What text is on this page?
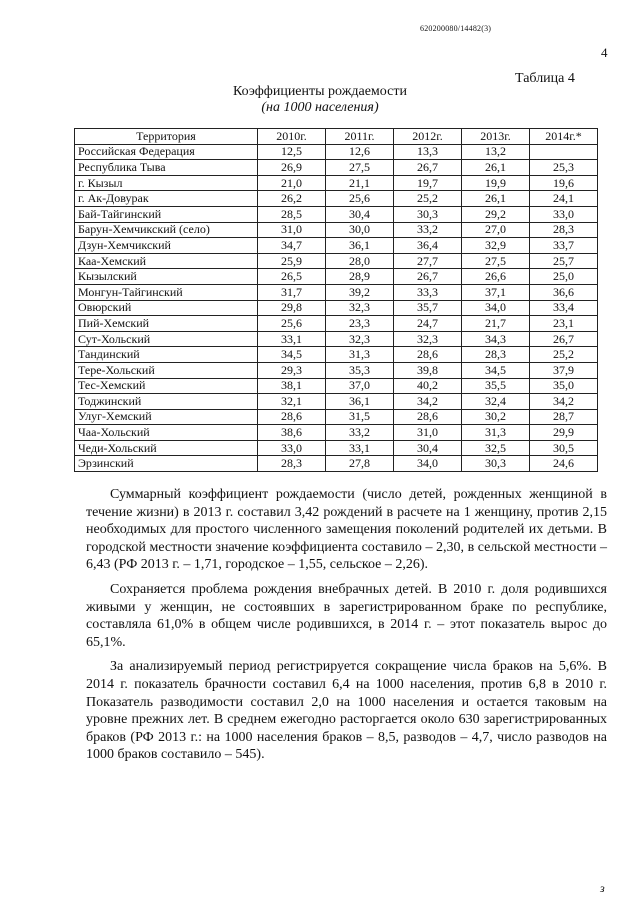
620200080/14482(3)
4
Таблица 4
Коэффициенты рождаемости
(на 1000 населения)
Территория	2010г.	2011г.	2012г.	2013г.	2014г.*
Российская Федерация	12,5	12,6	13,3	13,2	
Республика Тыва	26,9	27,5	26,7	26,1	25,3
г. Кызыл	21,0	21,1	19,7	19,9	19,6
г. Ак-Довурак	26,2	25,6	25,2	26,1	24,1
Бай-Тайгинский	28,5	30,4	30,3	29,2	33,0
Барун-Хемчикский (село)	31,0	30,0	33,2	27,0	28,3
Дзун-Хемчикский	34,7	36,1	36,4	32,9	33,7
Каа-Хемский	25,9	28,0	27,7	27,5	25,7
Кызылский	26,5	28,9	26,7	26,6	25,0
Монгун-Тайгинский	31,7	39,2	33,3	37,1	36,6
Овюрский	29,8	32,3	35,7	34,0	33,4
Пий-Хемский	25,6	23,3	24,7	21,7	23,1
Сут-Хольский	33,1	32,3	32,3	34,3	26,7
Тандинский	34,5	31,3	28,6	28,3	25,2
Тере-Хольский	29,3	35,3	39,8	34,5	37,9
Тес-Хемский	38,1	37,0	40,2	35,5	35,0
Тоджинский	32,1	36,1	34,2	32,4	34,2
Улуг-Хемский	28,6	31,5	28,6	30,2	28,7
Чаа-Хольский	38,6	33,2	31,0	31,3	29,9
Чеди-Хольский	33,0	33,1	30,4	32,5	30,5
Эрзинский	28,3	27,8	34,0	30,3	24,6

Суммарный коэффициент рождаемости (число детей, рожденных женщиной в течение жизни) в 2013 г. составил 3,42 рождений в расчете на 1 женщину, против 2,15 необходимых для простого численного замещения поколений родителей их детьми. В городской местности значение коэффициента составило – 2,30, в сельской местности – 6,43 (РФ 2013 г. – 1,71, городское – 1,55, сельское – 2,26).

Сохраняется проблема рождения внебрачных детей. В 2010 г. доля родившихся живыми у женщин, не состоявших в зарегистрированном браке по республике, составляла 61,0% в общем числе родившихся, в 2014 г. – этот показатель вырос до 65,1%.

За анализируемый период регистрируется сокращение числа браков на 5,6%. В 2014 г. показатель брачности составил 6,4 на 1000 населения, против 6,8 в 2010 г. Показатель разводимости составил 2,0 на 1000 населения и остается таковым на уровне прежних лет. В среднем ежегодно расторгается около 630 зарегистрированных браков (РФ 2013 г.: на 1000 населения браков – 8,5, разводов – 4,7, число разводов на 1000 браков составило – 545).

з
